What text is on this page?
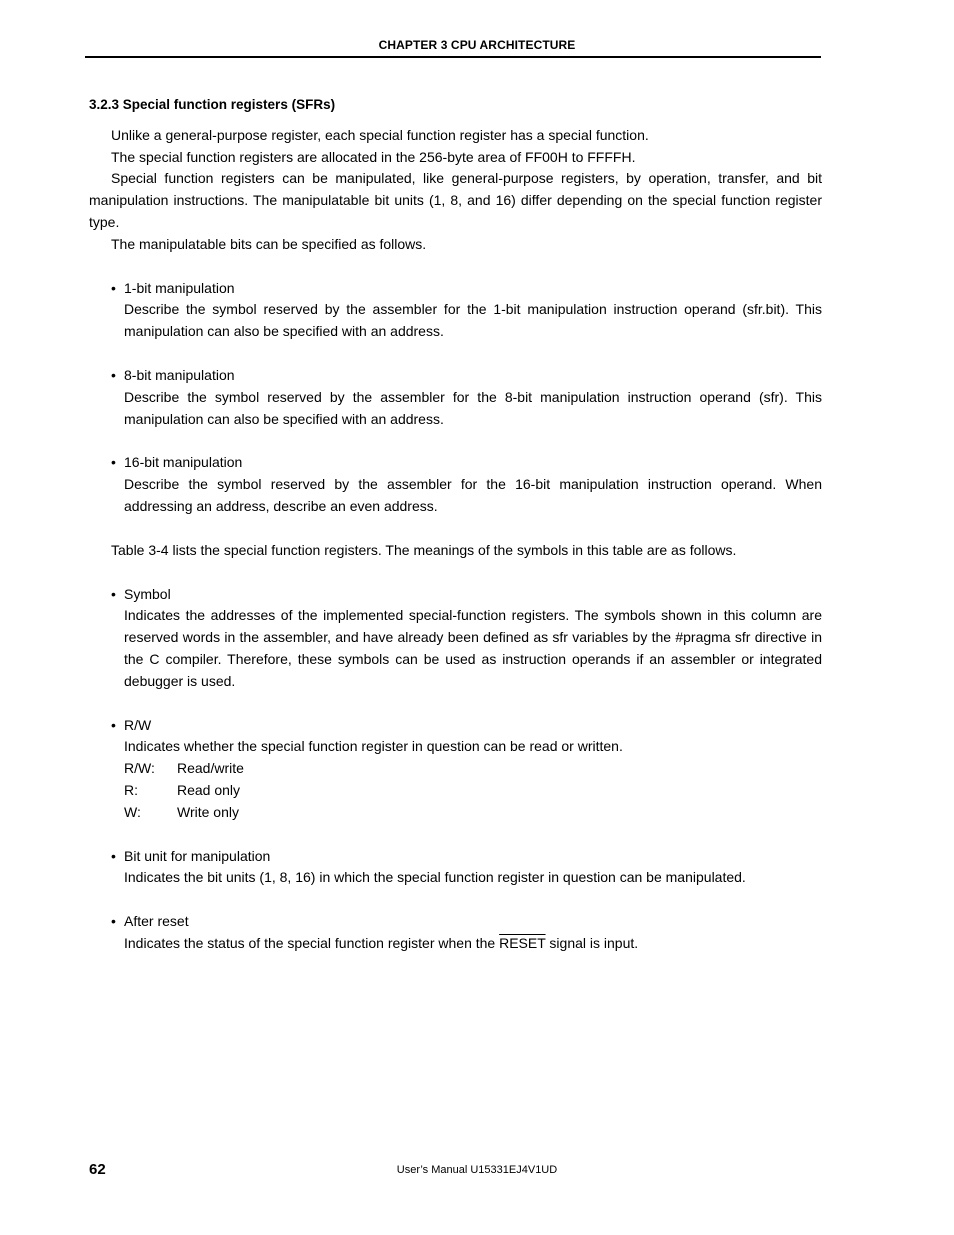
CHAPTER 3 CPU ARCHITECTURE
3.2.3 Special function registers (SFRs)

Unlike a general-purpose register, each special function register has a special function.

The special function registers are allocated in the 256-byte area of FF00H to FFFFH.

Special function registers can be manipulated, like general-purpose registers, by operation, transfer, and bit manipulation instructions. The manipulatable bit units (1, 8, and 16) differ depending on the special function register type.

The manipulatable bits can be specified as follows.

• 1-bit manipulation
Describe the symbol reserved by the assembler for the 1-bit manipulation instruction operand (sfr.bit). This manipulation can also be specified with an address.
• 8-bit manipulation
Describe the symbol reserved by the assembler for the 8-bit manipulation instruction operand (sfr). This manipulation can also be specified with an address.
• 16-bit manipulation
Describe the symbol reserved by the assembler for the 16-bit manipulation instruction operand. When addressing an address, describe an even address.

Table 3-4 lists the special function registers. The meanings of the symbols in this table are as follows.

• Symbol
Indicates the addresses of the implemented special-function registers. The symbols shown in this column are reserved words in the assembler, and have already been defined as sfr variables by the #pragma sfr directive in the C compiler. Therefore, these symbols can be used as instruction operands if an assembler or integrated debugger is used.
• R/W
Indicates whether the special function register in question can be read or written.
R/W:	Read/write
R:	Read only
W:	Write only
• Bit unit for manipulation
Indicates the bit units (1, 8, 16) in which the special function register in question can be manipulated.
• After reset
Indicates the status of the special function register when the RESET signal is input.
62	User’s Manual U15331EJ4V1UD
